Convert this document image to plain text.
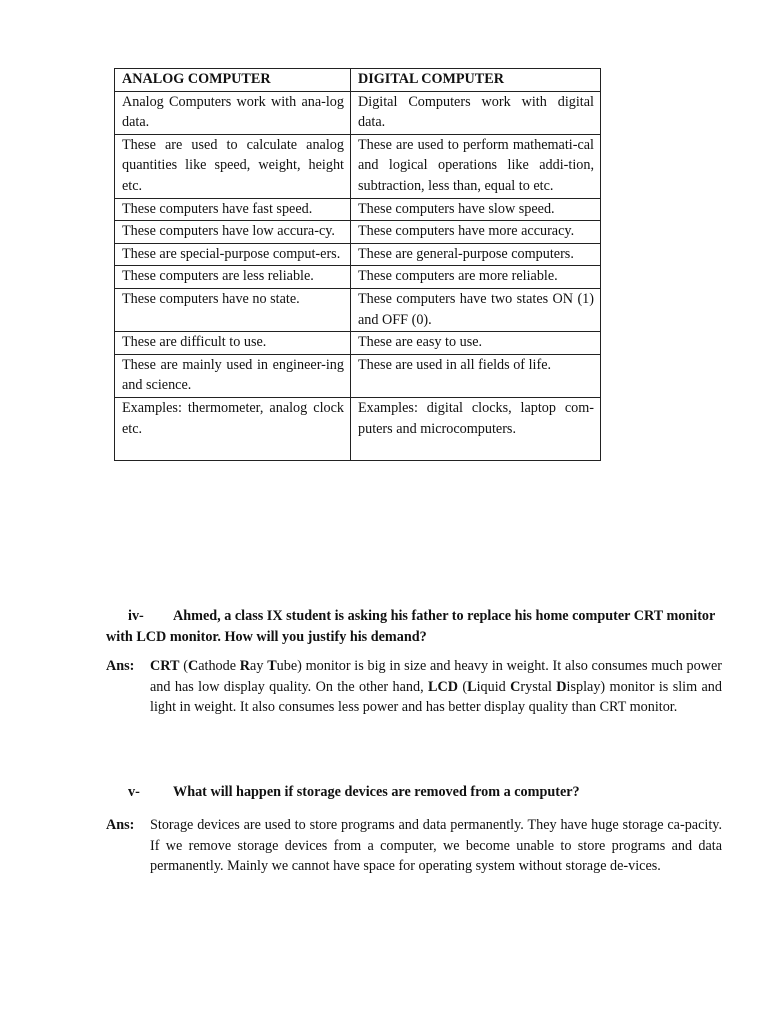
ANALOG COMPUTER	DIGITAL COMPUTER
Analog Computers work with ana-log data.	Digital Computers work with digital data.
These are used to calculate analog quantities like speed, weight, height etc.	These are used to perform mathemati-cal and logical operations like addi-tion, subtraction, less than, equal to etc.
These computers have fast speed.	These computers have slow speed.
These computers have low accura-cy.	These computers have more accuracy.
These are special-purpose comput-ers.	These are general-purpose computers.
These computers are less reliable.	These computers are more reliable.
These computers have no state.	These computers have two states ON (1) and OFF (0).
These are difficult to use.	These are easy to use.
These are mainly used in engineer-ing and science.	These are used in all fields of life.
Examples: thermometer, analog clock etc.	Examples: digital clocks, laptop com-puters and microcomputers.
iv- Ahmed, a class IX student is asking his father to replace his home computer CRT monitor with LCD monitor. How will you justify his demand?
Ans: CRT (Cathode Ray Tube) monitor is big in size and heavy in weight. It also consumes much power and has low display quality. On the other hand, LCD (Liquid Crystal Display) monitor is slim and light in weight. It also consumes less power and has better display quality than CRT monitor.
v- What will happen if storage devices are removed from a computer?
Ans: Storage devices are used to store programs and data permanently. They have huge storage ca-pacity. If we remove storage devices from a computer, we become unable to store programs and data permanently. Mainly we cannot have space for operating system without storage de-vices.
